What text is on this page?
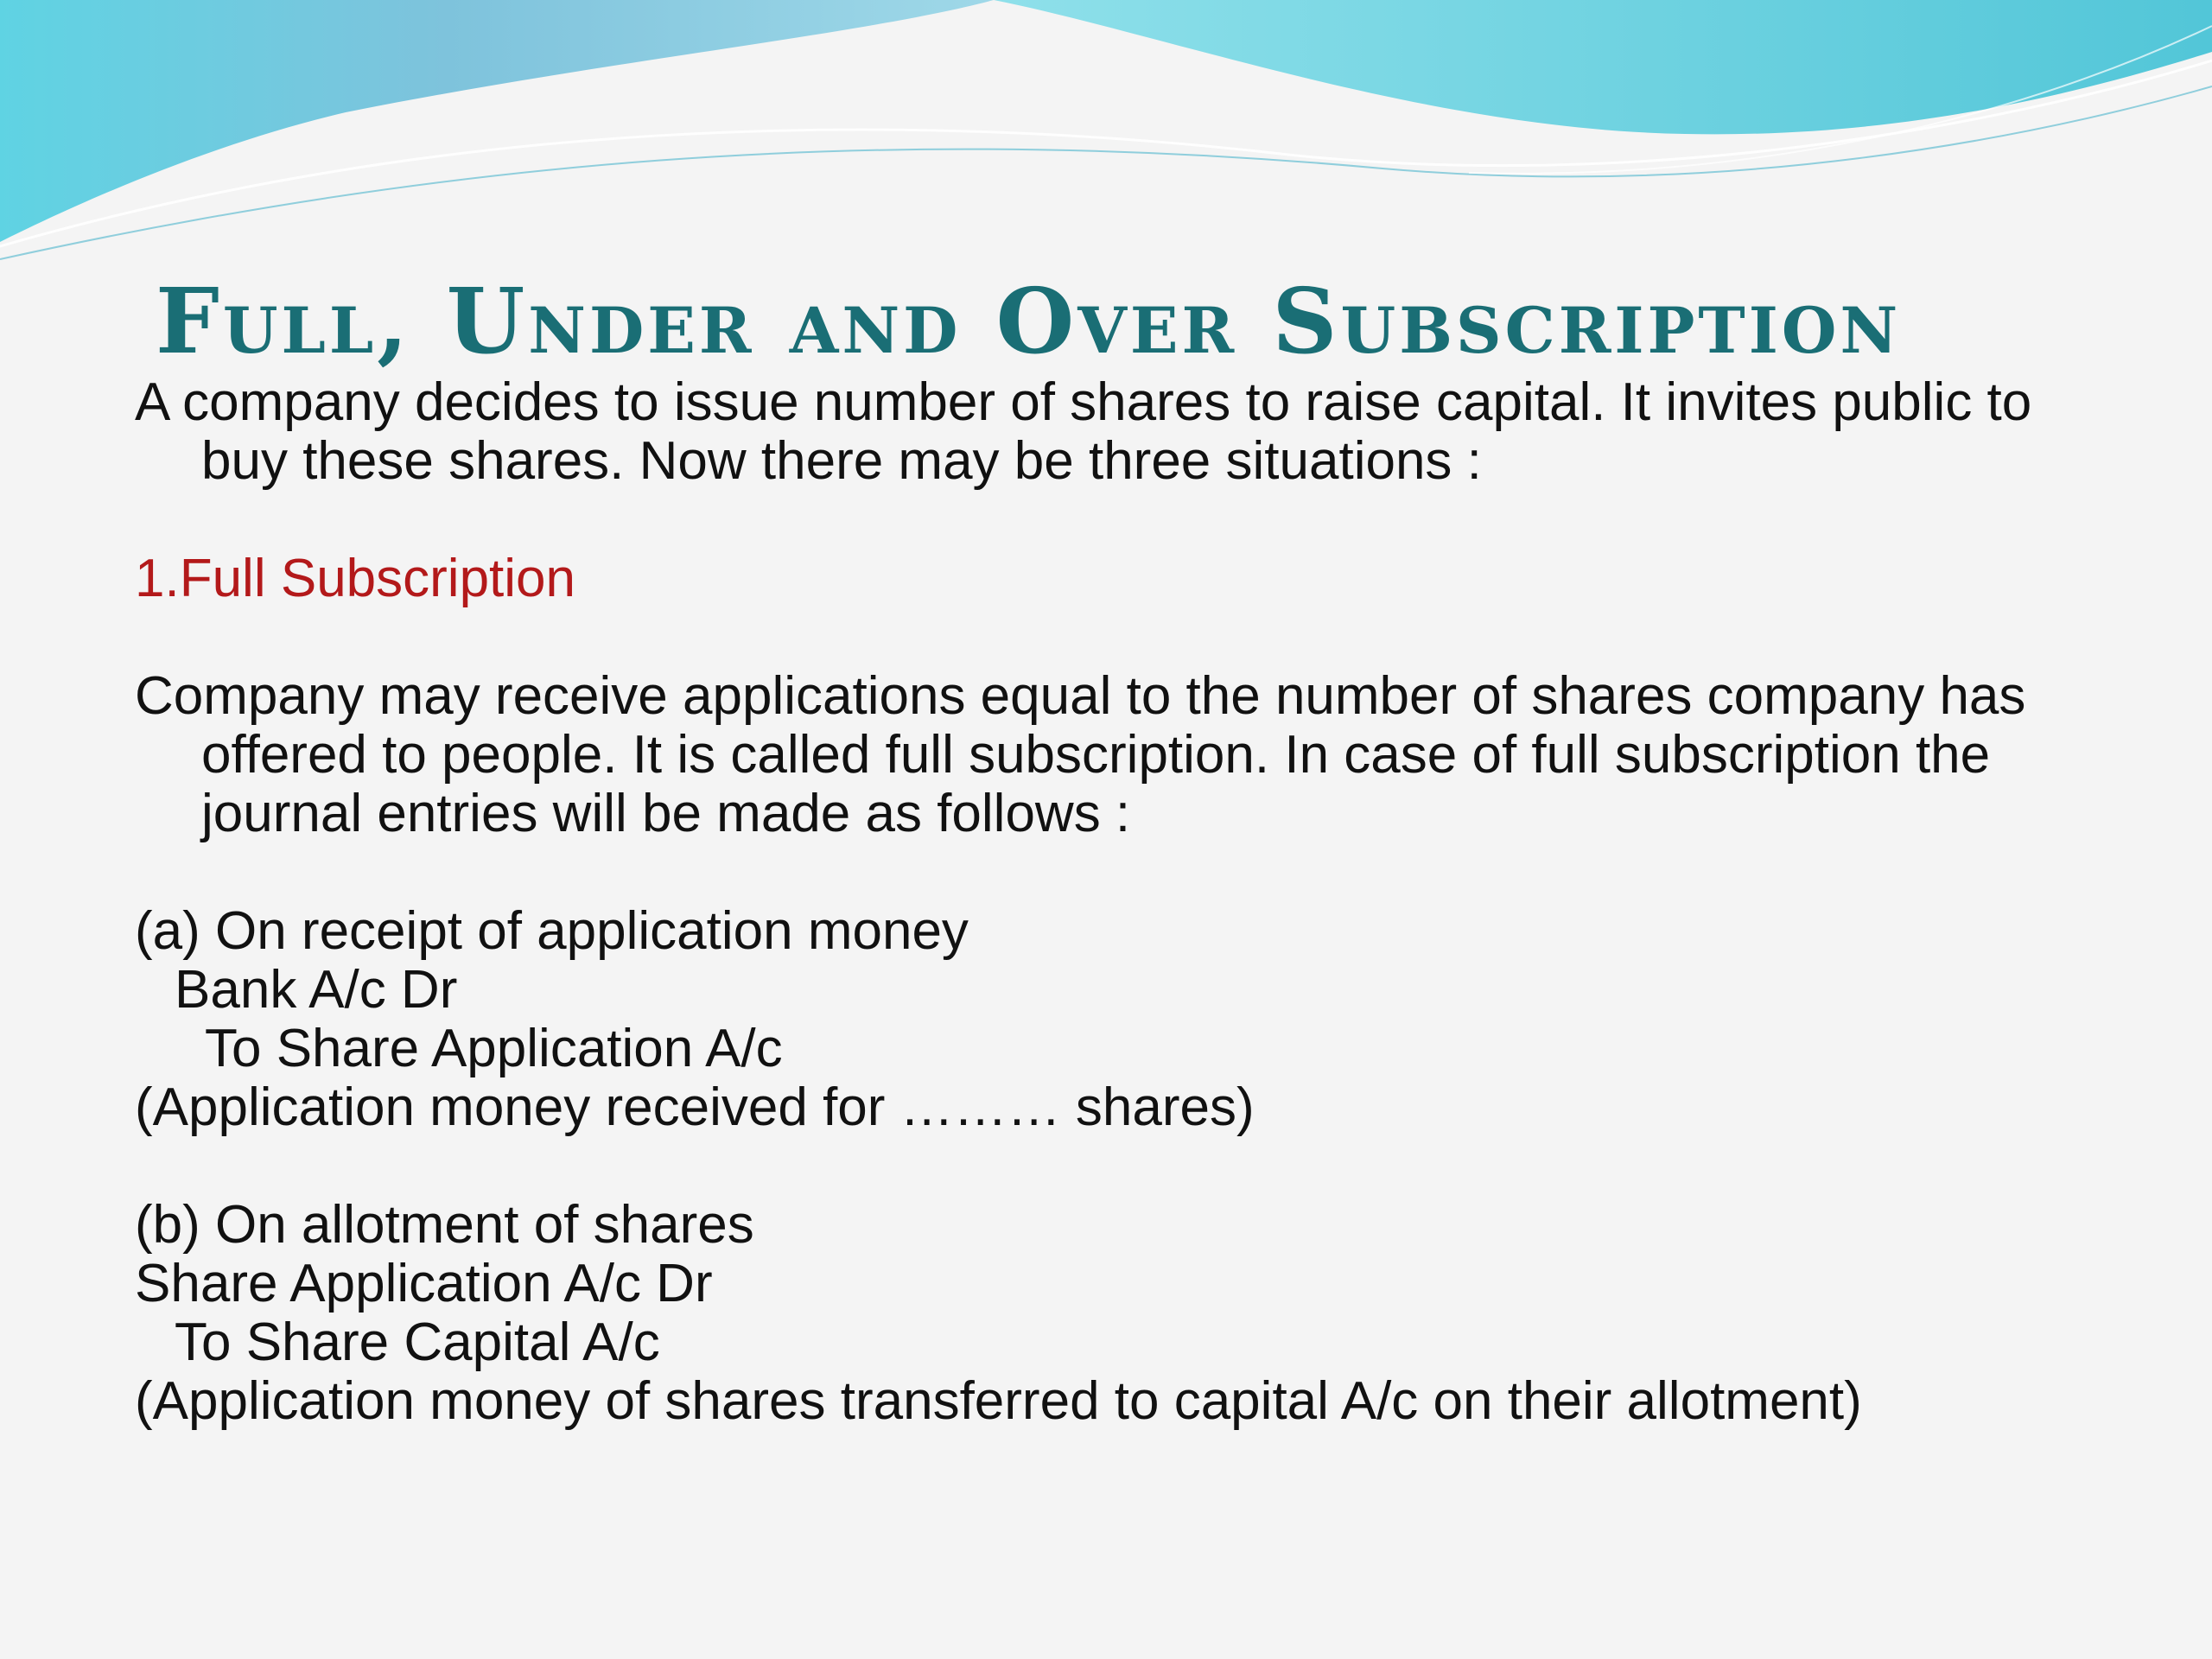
Full, Under and Over Subscription
A company decides to issue number of shares to raise capital. It invites public to buy these shares. Now there may be three situations :
1.Full Subscription
Company may receive applications equal to the number of shares company has offered to people. It is called full subscription. In case of full subscription the journal entries will be made as follows :
(a) On receipt of application money
Bank A/c Dr
To Share Application A/c
(Application money received for ……… shares)
(b) On allotment of shares
Share Application A/c Dr
To Share Capital A/c
(Application money of shares transferred to capital A/c on their allotment)
